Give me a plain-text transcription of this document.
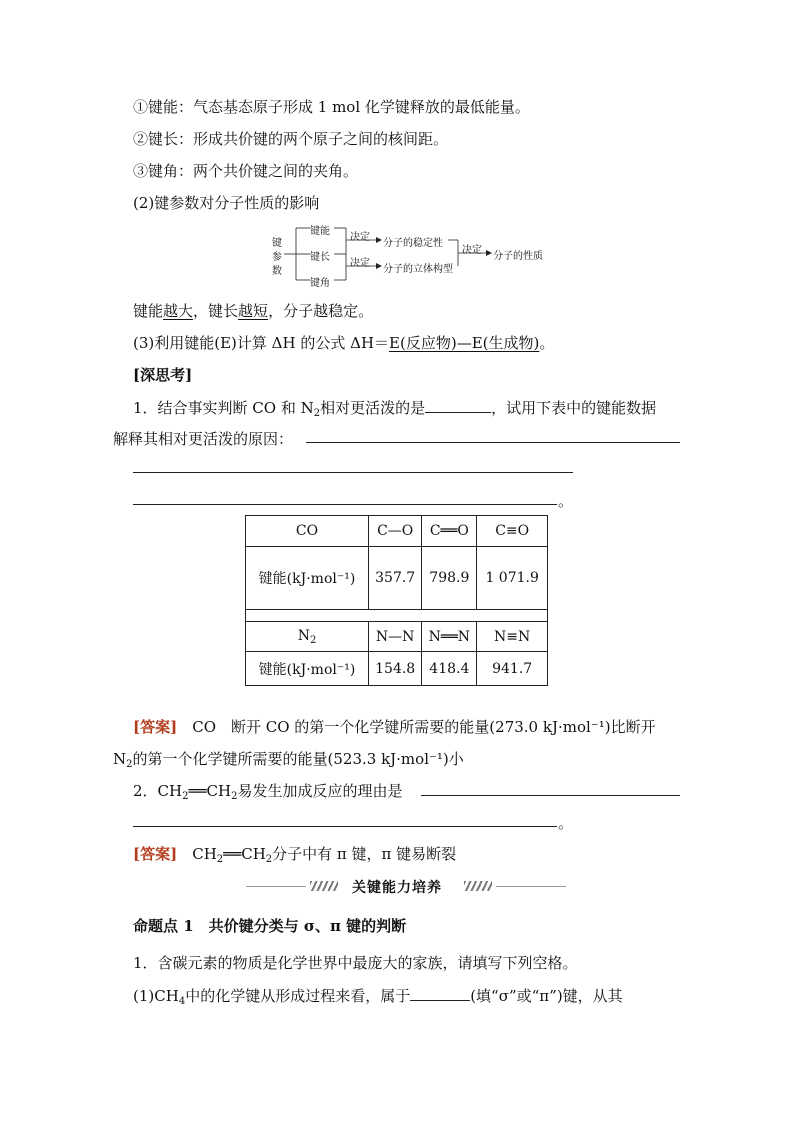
①键能：气态基态原子形成 1 mol 化学键释放的最低能量。
②键长：形成共价键的两个原子之间的核间距。
③键角：两个共价键之间的夹角。
(2)键参数对分子性质的影响
键
参
数
键能
键长
键角
决定
决定
分子的稳定性
分子的立体构型
决定
分子的性质
键能越大，键长越短，分子越稳定。
(3)利用键能(E)计算 ΔH 的公式 ΔH＝E(反应物)—E(生成物)。
[深思考]
1．结合事实判断 CO 和 $N_2$相对更活泼的是	，试用下表中的键能数据
解释其相对更活泼的原因：
。
CO	C—O	C══O	C≡O
键能(kJ·mol⁻¹)	357.7	798.9	1 071.9

$N_2$	N—N	N══N	N≡N
键能(kJ·mol⁻¹)	154.8	418.4	941.7
[答案]　 CO　断开 CO 的第一个化学键所需要的能量(273.0 kJ·mol⁻¹)比断开
$N_2$的第一个化学键所需要的能量(523.3 kJ·mol⁻¹)小
2．$CH_2══CH_2$易发生加成反应的理由是
。
[答案]　 $CH_2══CH_2$分子中有 π 键，π 键易断裂
关键能力培养
命题点 1　共价键分类与 σ、π 键的判断
1．含碳元素的物质是化学世界中最庞大的家族，请填写下列空格。
$(1)CH_4$中的化学键从形成过程来看，属于	(填“σ”或“π”)键，从其
